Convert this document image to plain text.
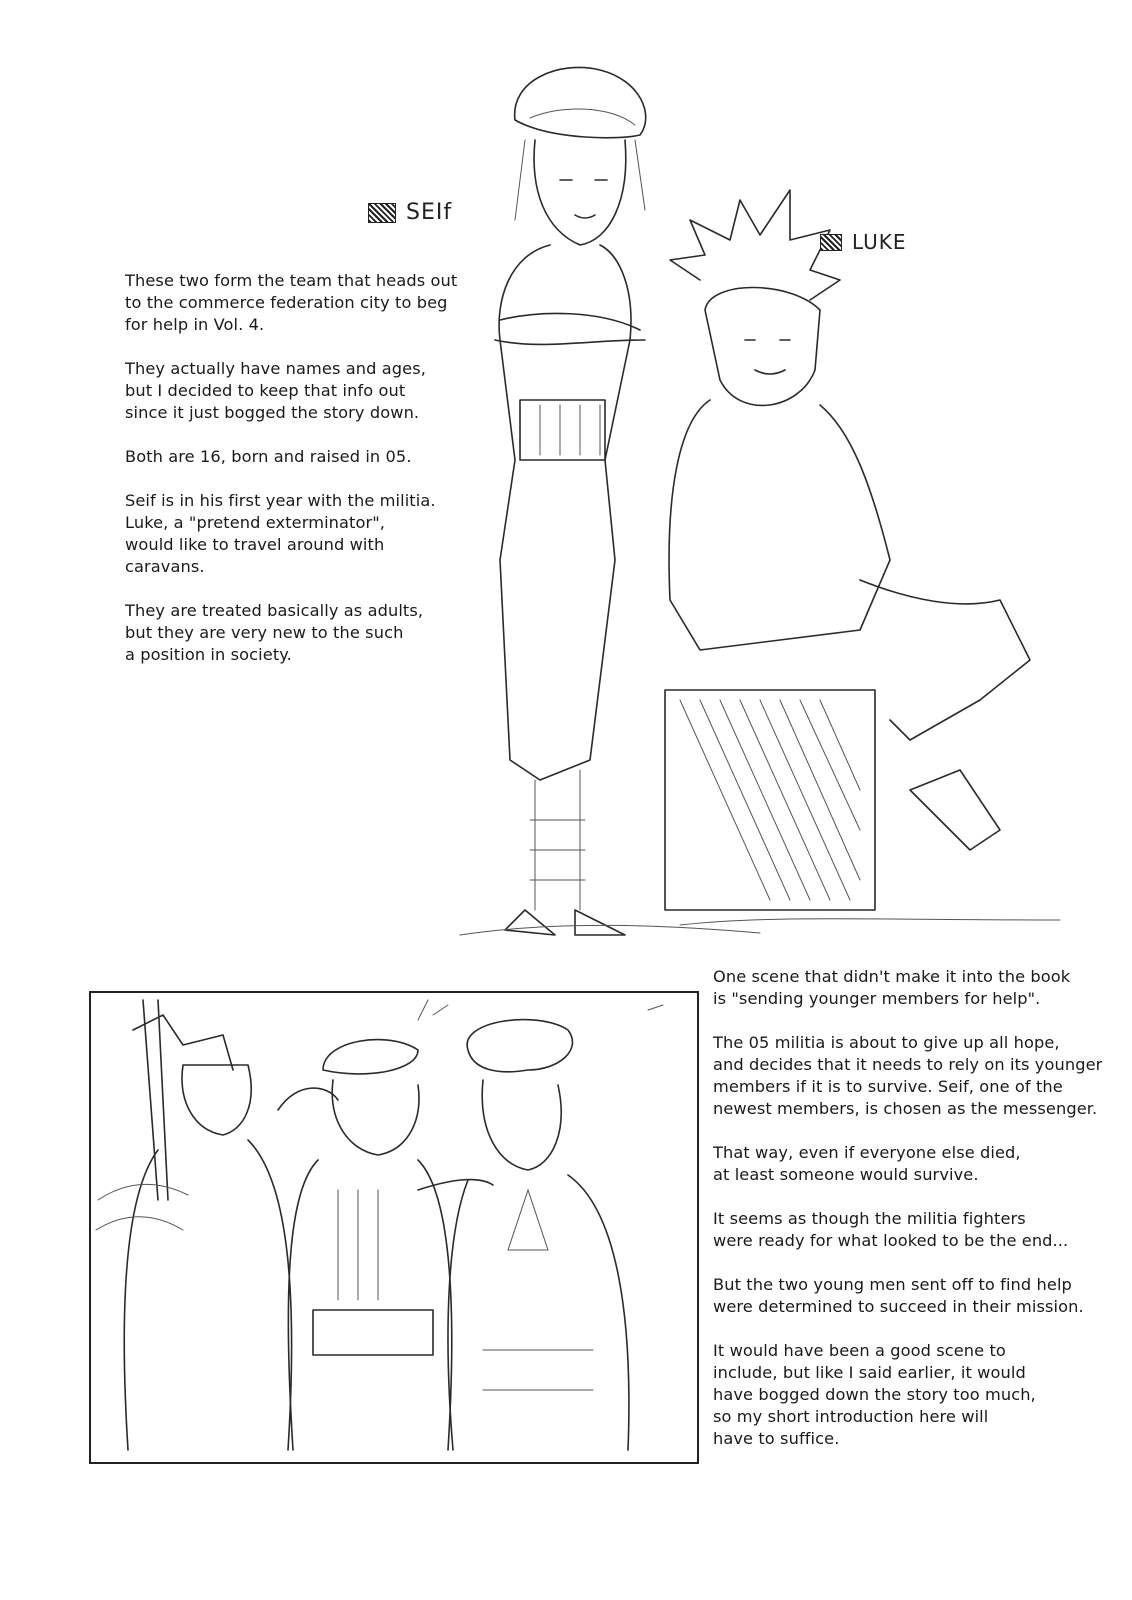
SEIf
LUKE

These two form the team that heads out
to the commerce federation city to beg
for help in Vol. 4.

They actually have names and ages,
but I decided to keep that info out
since it just bogged the story down.

Both are 16, born and raised in 05.

Seif is in his first year with the militia.
Luke, a "pretend exterminator",
would like to travel around with
caravans.

They are treated basically as adults,
but they are very new to the such
a position in society.

One scene that didn't make it into the book
is "sending younger members for help".

The 05 militia is about to give up all hope,
and decides that it needs to rely on its younger
members if it is to survive. Seif, one of the
newest members, is chosen as the messenger.

That way, even if everyone else died,
at least someone would survive.

It seems as though the militia fighters
were ready for what looked to be the end...

But the two young men sent off to find help
were determined to succeed in their mission.

It would have been a good scene to
include, but like I said earlier, it would
have bogged down the story too much,
so my short introduction here will
have to suffice.
